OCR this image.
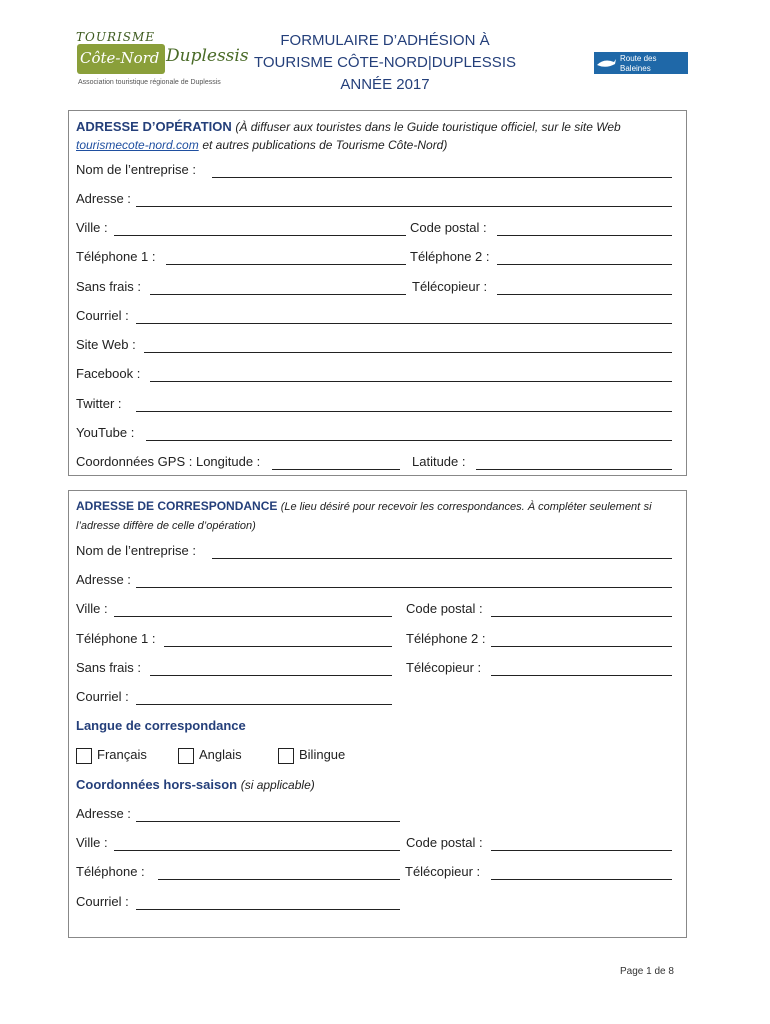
TOURISME
Côte-Nord Duplessis
Association touristique régionale de Duplessis
FORMULAIRE D’ADHÉSION À
TOURISME CÔTE-NORD|DUPLESSIS
ANNÉE 2017
Route des Baleines
ADRESSE D’OPÉRATION (À diffuser aux touristes dans le Guide touristique officiel, sur le site Web tourismecote-nord.com et autres publications de Tourisme Côte-Nord)
Nom de l’entreprise :
Adresse :
Ville :	Code postal :
Téléphone 1 :	Téléphone 2 :
Sans frais :	Télécopieur :
Courriel :
Site Web :
Facebook :
Twitter :
YouTube :
Coordonnées GPS : Longitude :	Latitude :
ADRESSE DE CORRESPONDANCE (Le lieu désiré pour recevoir les correspondances. À compléter seulement si l’adresse diffère de celle d’opération)
Nom de l’entreprise :
Adresse :
Ville :	Code postal :
Téléphone 1 :	Téléphone 2 :
Sans frais :	Télécopieur :
Courriel :
Langue de correspondance
Français	Anglais	Bilingue
Coordonnées hors-saison (si applicable)
Adresse :
Ville :	Code postal :
Téléphone :	Télécopieur :
Courriel :
Page 1 de 8
